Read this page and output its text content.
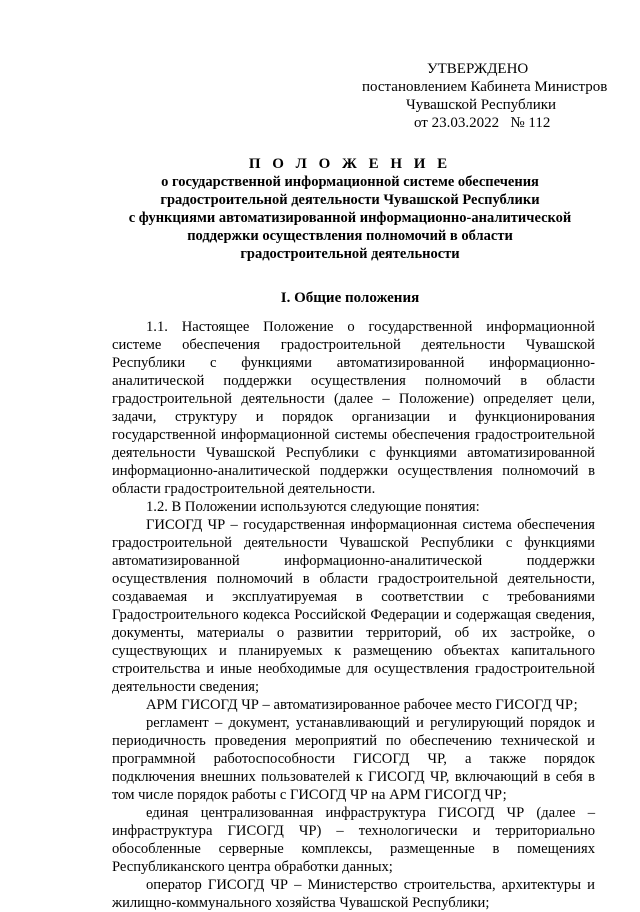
УТВЕРЖДЕНО
постановлением Кабинета Министров
Чувашской Республики
от 23.03.2022   № 112
П О Л О Ж Е Н И Е
о государственной информационной системе обеспечения
градостроительной деятельности Чувашской Республики
с функциями автоматизированной информационно-аналитической
поддержки осуществления полномочий в области
градостроительной деятельности
I. Общие положения

1.1. Настоящее Положение о государственной информационной системе обеспечения градостроительной деятельности Чувашской Республики с функциями автоматизированной информационно-аналитической поддержки осуществления полномочий в области градостроительной деятельности (далее – Положение) определяет цели, задачи, структуру и порядок организации и функционирования государственной информационной системы обеспечения градостроительной деятельности Чувашской Республики с функциями автоматизированной информационно-аналитической поддержки осуществления полномочий в области градостроительной деятельности.

1.2. В Положении используются следующие понятия:

ГИСОГД ЧР – государственная информационная система обеспечения градостроительной деятельности Чувашской Республики с функциями автоматизированной информационно-аналитической поддержки осуществления полномочий в области градостроительной деятельности, создаваемая и эксплуатируемая в соответствии с требованиями Градостроительного кодекса Российской Федерации и содержащая сведения, документы, материалы о развитии территорий, об их застройке, о существующих и планируемых к размещению объектах капитального строительства и иные необходимые для осуществления градостроительной деятельности сведения;

АРМ ГИСОГД ЧР – автоматизированное рабочее место ГИСОГД ЧР;

регламент – документ, устанавливающий и регулирующий порядок и периодичность проведения мероприятий по обеспечению технической и программной работоспособности ГИСОГД ЧР, а также порядок подключения внешних пользователей к ГИСОГД ЧР, включающий в себя в том числе порядок работы с ГИСОГД ЧР на АРМ ГИСОГД ЧР;

единая централизованная инфраструктура ГИСОГД ЧР (далее – инфраструктура ГИСОГД ЧР) – технологически и территориально обособленные серверные комплексы, размещенные в помещениях Республиканского центра обработки данных;

оператор ГИСОГД ЧР – Министерство строительства, архитектуры и жилищно-коммунального хозяйства Чувашской Республики;
